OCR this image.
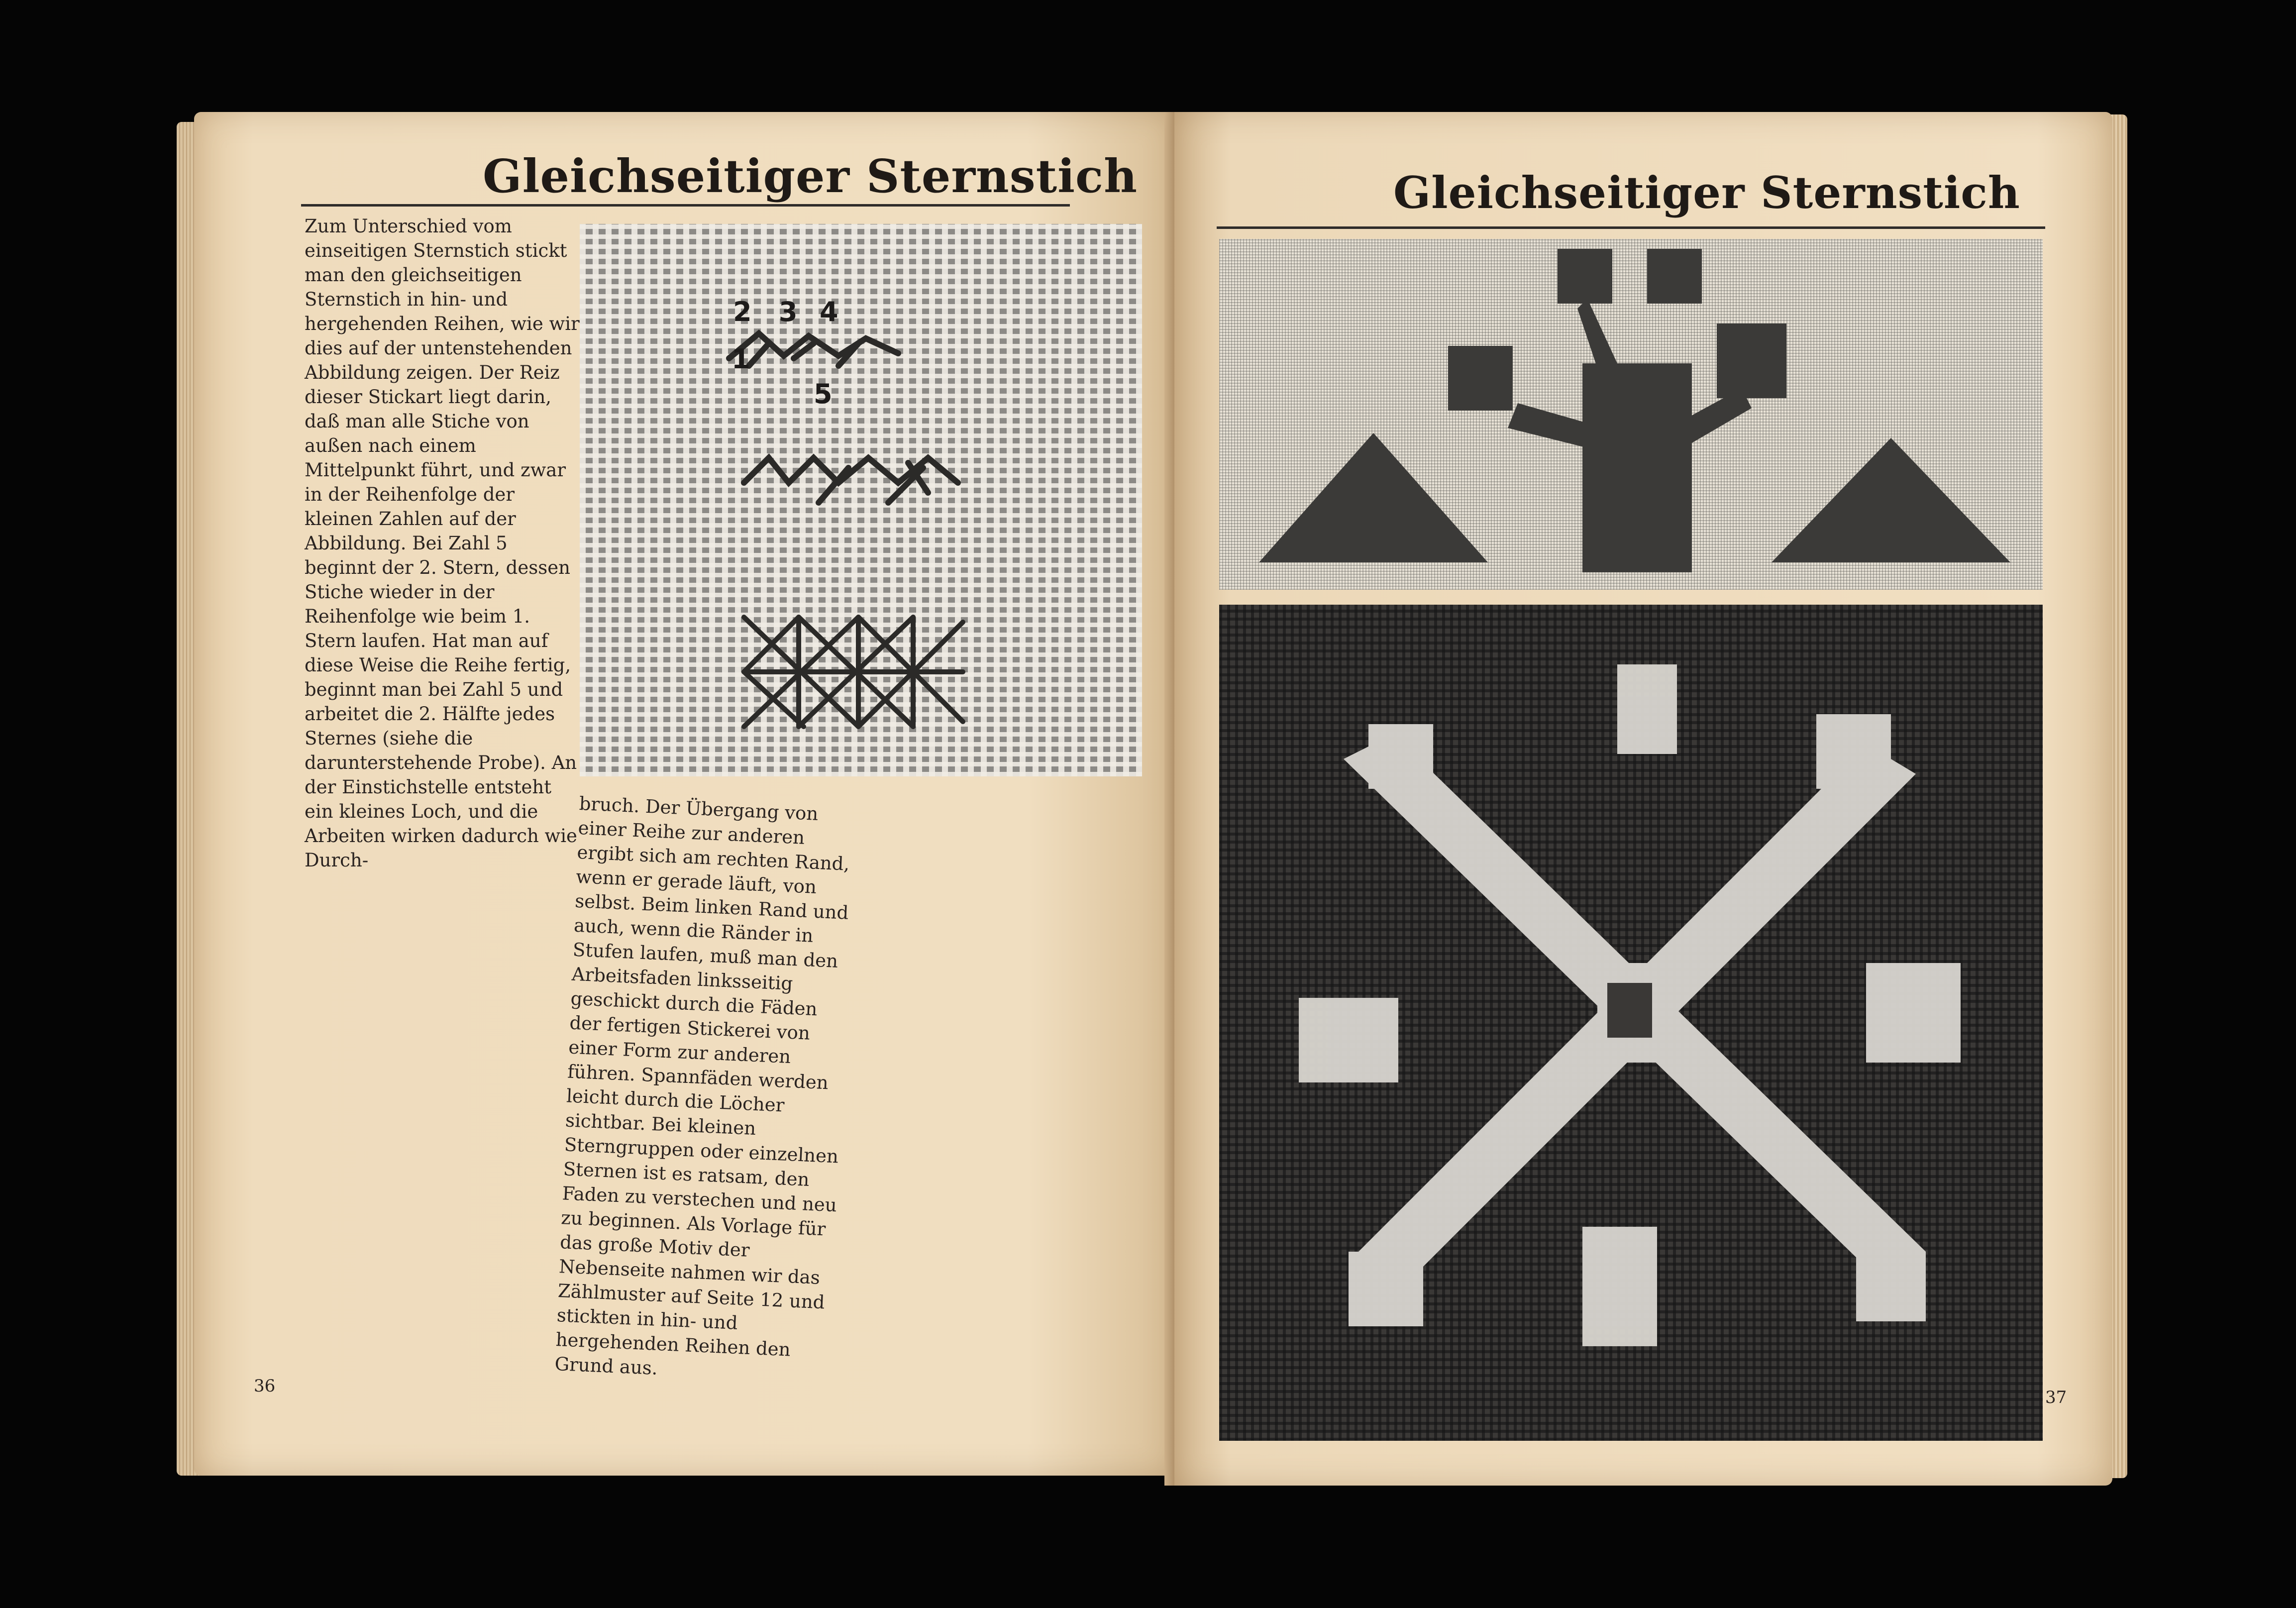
Gleichseitiger Sternstich

Zum Unterschied vom einseitigen Sternstich stickt man den gleichseitigen Sternstich in hin- und hergehenden Reihen, wie wir dies auf der untenstehenden Abbildung zeigen. Der Reiz dieser Stickart liegt darin, daß man alle Stiche von außen nach einem Mittelpunkt führt, und zwar in der Reihenfolge der kleinen Zahlen auf der Abbildung. Bei Zahl 5 beginnt der 2. Stern, dessen Stiche wieder in der Reihenfolge wie beim 1. Stern laufen. Hat man auf diese Weise die Reihe fertig, beginnt man bei Zahl 5 und arbeitet die 2. Hälfte jedes Sternes (siehe die darunterstehende Probe). An der Einstichstelle entsteht ein kleines Loch, und die Arbeiten wirken dadurch wie Durch-

2 3 4
1
5

bruch. Der Übergang von einer Reihe zur anderen ergibt sich am rechten Rand, wenn er gerade läuft, von selbst. Beim linken Rand und auch, wenn die Ränder in Stufen laufen, muß man den Arbeitsfaden linksseitig geschickt durch die Fäden der fertigen Stickerei von einer Form zur anderen führen. Spannfäden werden leicht durch die Löcher sichtbar. Bei kleinen Sterngruppen oder einzelnen Sternen ist es ratsam, den Faden zu verstechen und neu zu beginnen. Als Vorlage für das große Motiv der Nebenseite nahmen wir das Zählmuster auf Seite 12 und stickten in hin- und hergehenden Reihen den Grund aus.

36
Gleichseitiger Sternstich
37
